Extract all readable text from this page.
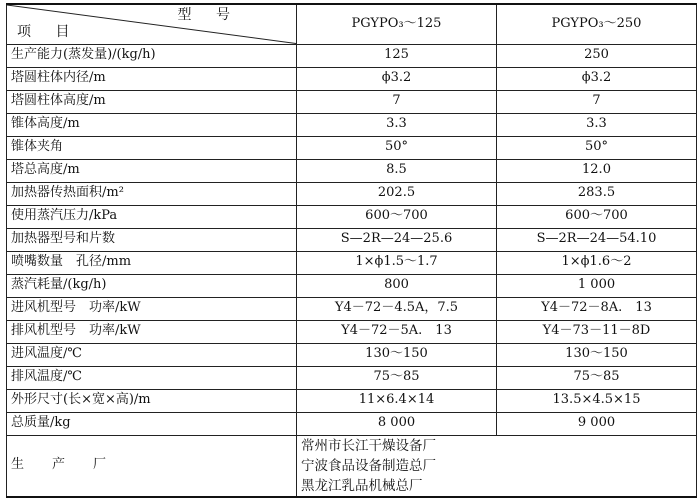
型 号
项 目	PGYPO₃～125	PGYPO₃～250
生产能力(蒸发量)/(kg/h)	125	250
塔圆柱体内径/m	ϕ3.2	ϕ3.2
塔圆柱体高度/m	7	7
锥体高度/m	3.3	3.3
锥体夹角	50°	50°
塔总高度/m	8.5	12.0
加热器传热面积/m²	202.5	283.5
使用蒸汽压力/kPa	600～700	600～700
加热器型号和片数	S—2R—24—25.6	S—2R—24—54.10
喷嘴数量　孔径/mm	1×ϕ1.5～1.7	1×ϕ1.6～2
蒸汽耗量/(kg/h)	800	1 000
进风机型号　功率/kW	Y4－72－4.5A，7.5	Y4－72－8A.　13
排风机型号　功率/kW	Y4－72－5A.　13	Y4－73－11－8D
进风温度/℃	130～150	130～150
排风温度/℃	75～85	75～85
外形尺寸(长×宽×高)/m	11×6.4×14	13.5×4.5×15
总质量/kg	8 000	9 000
生 产 厂	常州市长江干燥设备厂
宁波食品设备制造总厂
黑龙江乳品机械总厂	
